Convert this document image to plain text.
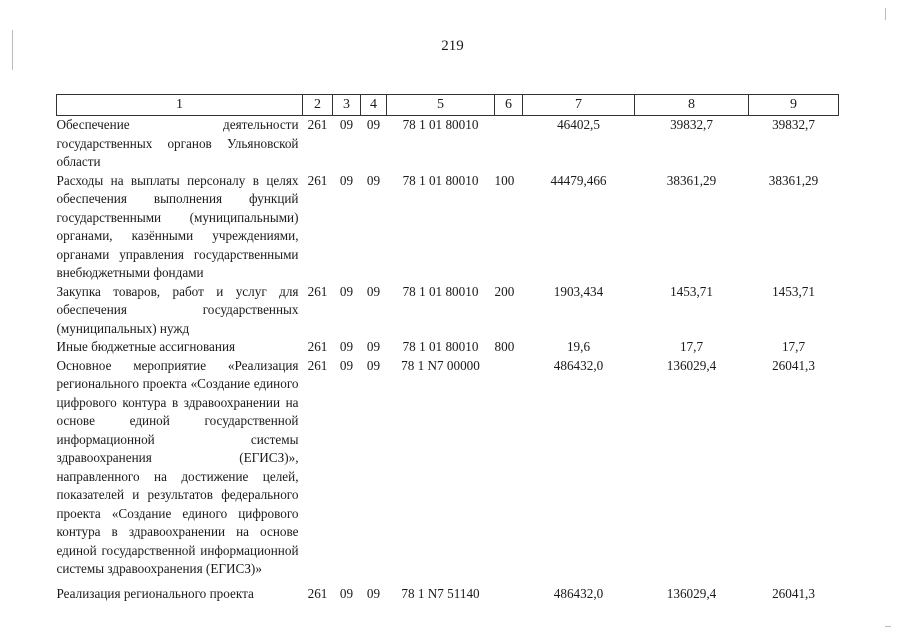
219
1	2	3	4	5	6	7	8	9
Обеспечение деятельности государственных органов Ульяновской области	261	09	09	78 1 01 80010		46402,5	39832,7	39832,7
Расходы на выплаты персоналу в целях обеспечения выполнения функций государственными (муниципальными) органами, казёнными учреждениями, органами управления государственными внебюджетными фондами	261	09	09	78 1 01 80010	100	44479,466	38361,29	38361,29
Закупка товаров, работ и услуг для обеспечения государственных (муниципальных) нужд	261	09	09	78 1 01 80010	200	1903,434	1453,71	1453,71
Иные бюджетные ассигнования	261	09	09	78 1 01 80010	800	19,6	17,7	17,7
Основное мероприятие «Реализация регионального проекта «Создание единого цифрового контура в здравоохранении на основе единой государственной информационной системы здравоохранения (ЕГИСЗ)», направленного на достижение целей, показателей и результатов федерального проекта «Создание единого цифрового контура в здравоохранении на основе единой государственной информационной системы здравоохранения (ЕГИСЗ)»	261	09	09	78 1 N7 00000		486432,0	136029,4	26041,3
Реализация регионального проекта	261	09	09	78 1 N7 51140		486432,0	136029,4	26041,3
